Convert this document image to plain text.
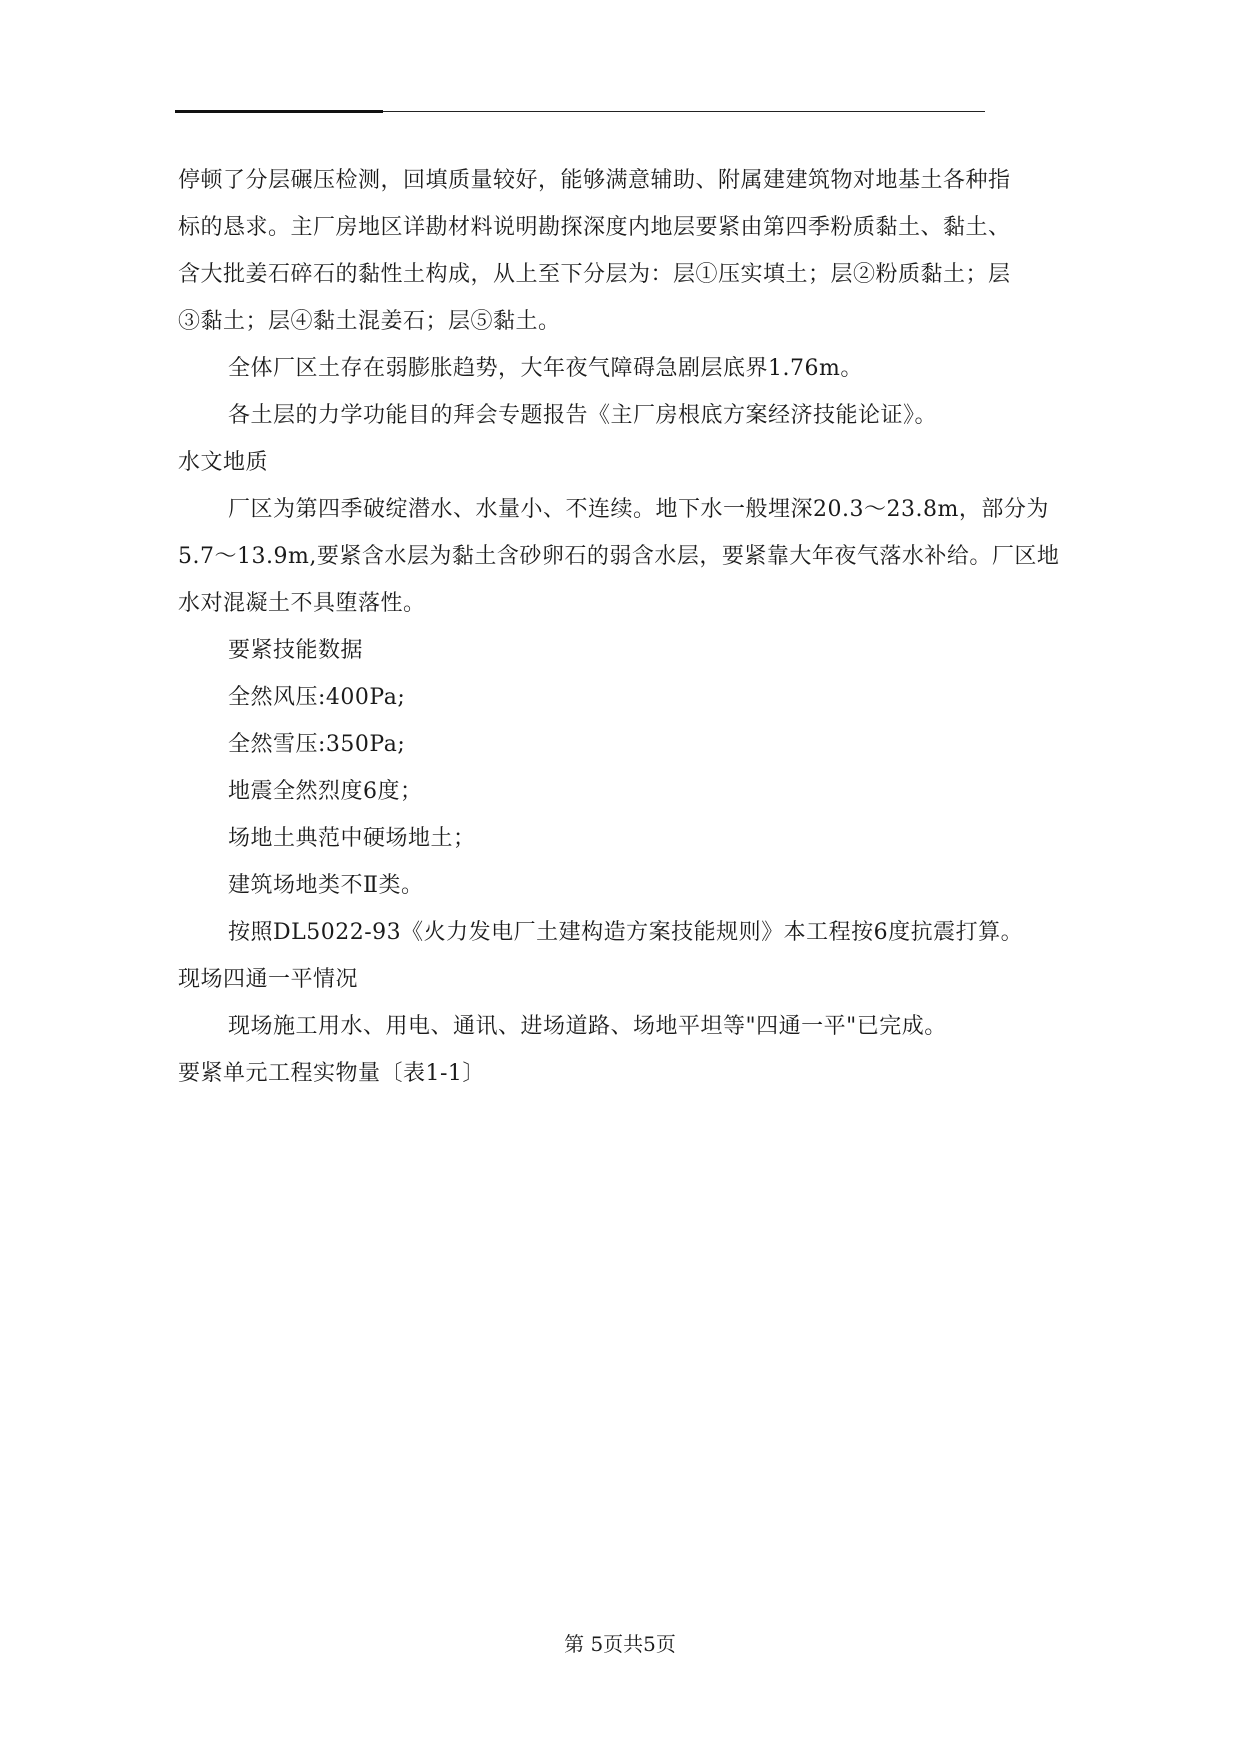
停顿了分层碾压检测，回填质量较好，能够满意辅助、附属建建筑物对地基土各种指
标的恳求。主厂房地区详勘材料说明勘探深度内地层要紧由第四季粉质黏土、黏土、
含大批姜石碎石的黏性土构成，从上至下分层为：层①压实填土；层②粉质黏土；层
③黏土；层④黏土混姜石；层⑤黏土。
全体厂区土存在弱膨胀趋势，大年夜气障碍急剧层底界1.76m。
各土层的力学功能目的拜会专题报告《主厂房根底方案经济技能论证》。
水文地质
厂区为第四季破绽潜水、水量小、不连续。地下水一般埋深20.3～23.8m，部分为
5.7～13.9m,要紧含水层为黏土含砂卵石的弱含水层，要紧靠大年夜气落水补给。厂区地
水对混凝土不具堕落性。
要紧技能数据
全然风压:400Pa;
全然雪压:350Pa;
地震全然烈度6度；
场地土典范中硬场地土；
建筑场地类不Ⅱ类。
按照DL5022-93《火力发电厂土建构造方案技能规则》本工程按6度抗震打算。
现场四通一平情况
现场施工用水、用电、通讯、进场道路、场地平坦等"四通一平"已完成。
要紧单元工程实物量〔表1-1〕
第 5页共5页
